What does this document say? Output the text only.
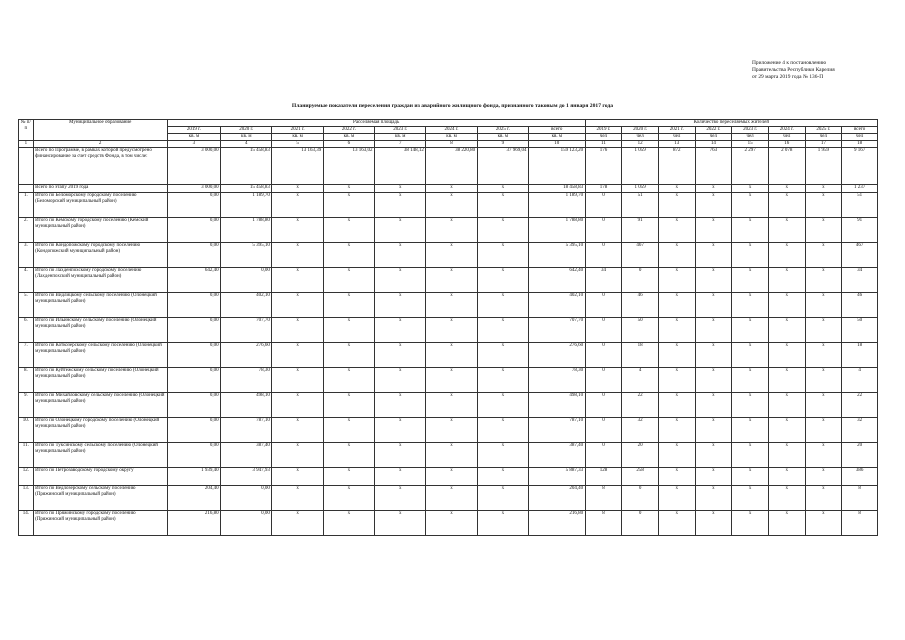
Приложение 4 к постановлению
Правительства Республики Карелия
от 29 марта 2019 года № 136-П
Планируемые показатели переселения граждан из аварийного жилищного фонда, признанного таковым до 1 января 2017 года
№ п/п	Муниципальное образование	Расселяемая площадь								Количество переселяемых жителей							
		2019 г.	2020 г.	2021 г.	2022 г.	2023 г.	2024 г.	2025 г.	всего	2019 г.	2020 г.	2021 г.	2022 г.	2023 г.	2024 г.	2025 г.	всего
		кв. м	кв. м	кв. м	кв. м	кв. м	кв. м	кв. м	кв. м	чел	чел	чел	чел	чел	чел	чел	чел
1	2	3	4	5	6	7	8	9	10	11	12	13	14	15	16	17	18
	Всего по Программе, в рамках которой предусмотрено финансирование за счет средств Фонда, в том числе:	3 000,00	15 458,83	13 163,39	13 163,02	38 148,12	38 220,80	37 969,04	159 123,20	176	1 059	872	763	2 297	2 078	1 959	9 167
	Всего по этапу 2019 года	3 000,00	15 458,83	x	x	x	x	x	18 458,83	178	1 059	x	x	x	x	x	1 237
1.	Итого по Беломорскому городскому поселению (Беломорский муниципальный район)	0,00	1 189,70	x	x	x	x	x	1 189,70	0	51	x	x	x	x	x	51
2.	Итого по Кемскому городскому поселению (Кемский муниципальный район)	0,00	1 788,80	x	x	x	x	x	1 788,80	0	91	x	x	x	x	x	91
3.	Итого по Кондопожскому городскому поселению (Кондопожский муниципальный район)	0,00	5 395,10	x	x	x	x	x	5 395,10	0	467	x	x	x	x	x	467
4.	Итого по Лахденпохскому городскому поселению (Лахденпохский муниципальный район)	642,40	0,00	x	x	x	x	x	642,40	34	0	x	x	x	x	x	34
5.	Итого по Видлицкому сельскому поселению (Олонецкий муниципальный район)	0,00	402,10	x	x	x	x	x	402,10	0	46	x	x	x	x	x	46
6.	Итого по Ильинскому сельскому поселению (Олонецкий муниципальный район)	0,00	707,70	x	x	x	x	x	707,70	0	50	x	x	x	x	x	50
7.	Итого по Коткозерскому сельскому поселению (Олонецкий муниципальный район)	0,00	276,60	x	x	x	x	x	276,60	0	18	x	x	x	x	x	18
8.	Итого по Куйтежскому сельскому поселению (Олонецкий муниципальный район)	0,00	78,30	x	x	x	x	x	78,30	0	4	x	x	x	x	x	4
9.	Итого по Михайловскому сельскому поселению (Олонецкий муниципальный район)	0,00	498,10	x	x	x	x	x	498,10	0	22	x	x	x	x	x	22
10.	Итого по Олонецкому городскому поселению (Олонецкий муниципальный район)	0,00	787,10	x	x	x	x	x	787,10	0	32	x	x	x	x	x	32
11.	Итого по Тукcинскому сельскому поселению (Олонецкий муниципальный район)	0,00	387,40	x	x	x	x	x	387,40	0	20	x	x	x	x	x	20
12.	Итого по Петрозаводскому городскому округу	1 939,40	3 947,93	x	x	x	x	x	5 887,33	128	258	x	x	x	x	x	386
13.	Итого по Ведлозерскому сельскому поселению (Пряжинский муниципальный район)	204,40	0,00	x	x	x	x	x	204,40	8	0	x	x	x	x	x	8
14.	Итого по Пряжинскому городскому поселению (Пряжинский муниципальный район)	216,80	0,00	x	x	x	x	x	216,80	8	0	x	x	x	x	x	8
